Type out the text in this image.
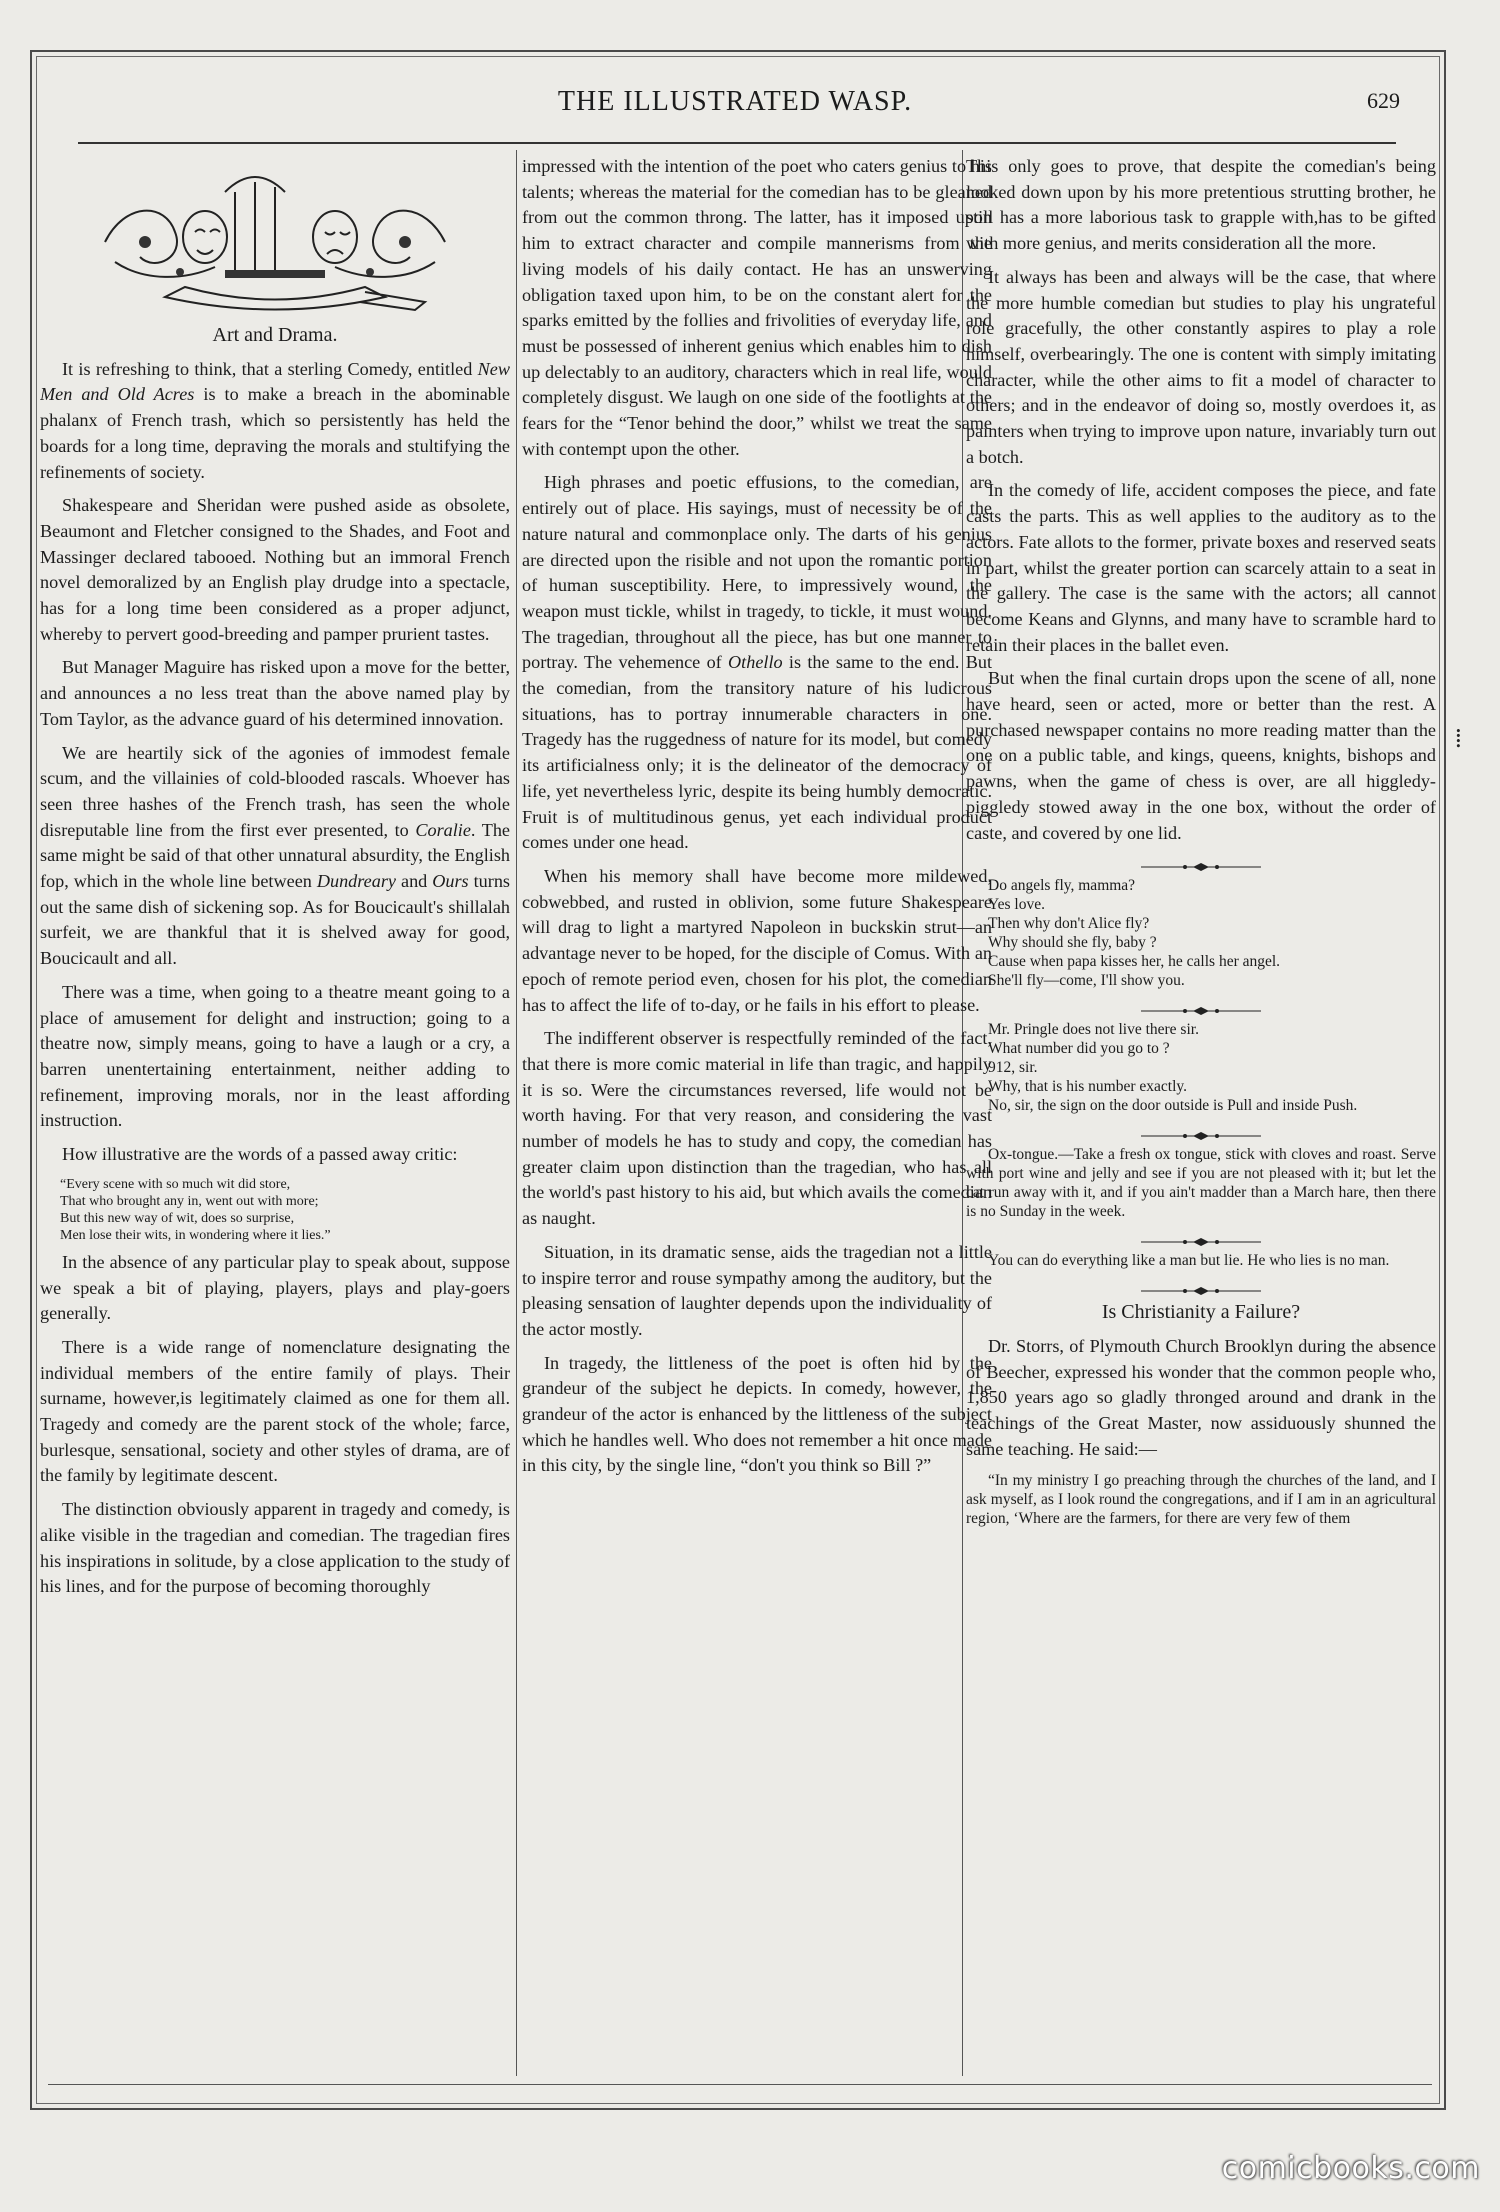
THE ILLUSTRATED WASP.	629
Art and Drama.

It is refreshing to think, that a sterling Comedy, entitled New Men and Old Acres is to make a breach in the abominable phalanx of French trash, which so persistently has held the boards for a long time, depraving the morals and stultifying the refinements of society.

Shakespeare and Sheridan were pushed aside as obsolete, Beaumont and Fletcher consigned to the Shades, and Foot and Massinger declared tabooed. Nothing but an immoral French novel demoralized by an English play drudge into a spectacle, has for a long time been considered as a proper adjunct, whereby to pervert good-breeding and pamper prurient tastes.

But Manager Maguire has risked upon a move for the better, and announces a no less treat than the above named play by Tom Taylor, as the advance guard of his determined innovation.

We are heartily sick of the agonies of immodest female scum, and the villainies of cold-blooded rascals. Whoever has seen three hashes of the French trash, has seen the whole disreputable line from the first ever presented, to Coralie. The same might be said of that other unnatural absurdity, the English fop, which in the whole line between Dundreary and Ours turns out the same dish of sickening sop. As for Boucicault's shillalah surfeit, we are thankful that it is shelved away for good, Boucicault and all.

There was a time, when going to a theatre meant going to a place of amusement for delight and instruction; going to a theatre now, simply means, going to have a laugh or a cry, a barren unentertaining entertainment, neither adding to refinement, improving morals, nor in the least affording instruction.

How illustrative are the words of a passed away critic:

“Every scene with so much wit did store,
That who brought any in, went out with more;
But this new way of wit, does so surprise,
Men lose their wits, in wondering where it lies.”

In the absence of any particular play to speak about, suppose we speak a bit of playing, players, plays and play-goers generally.

There is a wide range of nomenclature designating the individual members of the entire family of plays. Their surname, however,is legitimately claimed as one for them all. Tragedy and comedy are the parent stock of the whole; farce, burlesque, sensational, society and other styles of drama, are of the family by legitimate descent.

The distinction obviously apparent in tragedy and comedy, is alike visible in the tragedian and comedian. The tragedian fires his inspirations in solitude, by a close application to the study of his lines, and for the purpose of becoming thoroughly

impressed with the intention of the poet who caters genius to his talents; whereas the material for the comedian has to be gleaned from out the common throng. The latter, has it imposed upon him to extract character and compile mannerisms from the living models of his daily contact. He has an unswerving obligation taxed upon him, to be on the constant alert for the sparks emitted by the follies and frivolities of everyday life, and must be possessed of inherent genius which enables him to dish up delectably to an auditory, characters which in real life, would completely disgust. We laugh on one side of the footlights at the fears for the “Tenor behind the door,” whilst we treat the same with contempt upon the other.

High phrases and poetic effusions, to the comedian, are entirely out of place. His sayings, must of necessity be of the nature natural and commonplace only. The darts of his genius are directed upon the risible and not upon the romantic portion of human susceptibility. Here, to impressively wound, the weapon must tickle, whilst in tragedy, to tickle, it must wound. The tragedian, throughout all the piece, has but one manner to portray. The vehemence of Othello is the same to the end. But the comedian, from the transitory nature of his ludicrous situations, has to portray innumerable characters in one. Tragedy has the ruggedness of nature for its model, but comedy its artificialness only; it is the delineator of the democracy of life, yet nevertheless lyric, despite its being humbly democratic. Fruit is of multitudinous genus, yet each individual product comes under one head.

When his memory shall have become more mildewed, cobwebbed, and rusted in oblivion, some future Shakespeare will drag to light a martyred Napoleon in buckskin strut—an advantage never to be hoped, for the disciple of Comus. With an epoch of remote period even, chosen for his plot, the comedian has to affect the life of to-day, or he fails in his effort to please.

The indifferent observer is respectfully reminded of the fact, that there is more comic material in life than tragic, and happily it is so. Were the circumstances reversed, life would not be worth having. For that very reason, and considering the vast number of models he has to study and copy, the comedian has greater claim upon distinction than the tragedian, who has all the world's past history to his aid, but which avails the comedian as naught.

Situation, in its dramatic sense, aids the tragedian not a little to inspire terror and rouse sympathy among the auditory, but the pleasing sensation of laughter depends upon the individuality of the actor mostly.

In tragedy, the littleness of the poet is often hid by the grandeur of the subject he depicts. In comedy, however, the grandeur of the actor is enhanced by the littleness of the subject which he handles well. Who does not remember a hit once made in this city, by the single line, “don't you think so Bill ?”

This only goes to prove, that despite the comedian's being looked down upon by his more pretentious strutting brother, he still has a more laborious task to grapple with,has to be gifted with more genius, and merits consideration all the more.

It always has been and always will be the case, that where the more humble comedian but studies to play his ungrateful role gracefully, the other constantly aspires to play a role himself, overbearingly. The one is content with simply imitating character, while the other aims to fit a model of character to others; and in the endeavor of doing so, mostly overdoes it, as painters when trying to improve upon nature, invariably turn out a botch.

In the comedy of life, accident composes the piece, and fate casts the parts. This as well applies to the auditory as to the actors. Fate allots to the former, private boxes and reserved seats in part, whilst the greater portion can scarcely attain to a seat in the gallery. The case is the same with the actors; all cannot become Keans and Glynns, and many have to scramble hard to retain their places in the ballet even.

But when the final curtain drops upon the scene of all, none have heard, seen or acted, more or better than the rest. A purchased newspaper contains no more reading matter than the one on a public table, and kings, queens, knights, bishops and pawns, when the game of chess is over, are all higgledy-piggledy stowed away in the one box, without the order of caste, and covered by one lid.

Do angels fly, mamma?
Yes love.
Then why don't Alice fly?
Why should she fly, baby ?
Cause when papa kisses her, he calls her angel.
She'll fly—come, I'll show you.
Mr. Pringle does not live there sir.
What number did you go to ?
912, sir.
Why, that is his number exactly.
No, sir, the sign on the door outside is Pull and inside Push.

Ox-tongue.—Take a fresh ox tongue, stick with cloves and roast. Serve with port wine and jelly and see if you are not pleased with it; but let the cat run away with it, and if you ain't madder than a March hare, then there is no Sunday in the week.

You can do everything like a man but lie. He who lies is no man.

Is Christianity a Failure?

Dr. Storrs, of Plymouth Church Brooklyn during the absence of Beecher, expressed his wonder that the common people who, 1,850 years ago so gladly thronged around and drank in the teachings of the Great Master, now assiduously shunned the same teaching. He said:—

“In my ministry I go preaching through the churches of the land, and I ask myself, as I look round the congregations, and if I am in an agricultural region, ‘Where are the farmers, for there are very few of them

⁞
comicbooks.com
